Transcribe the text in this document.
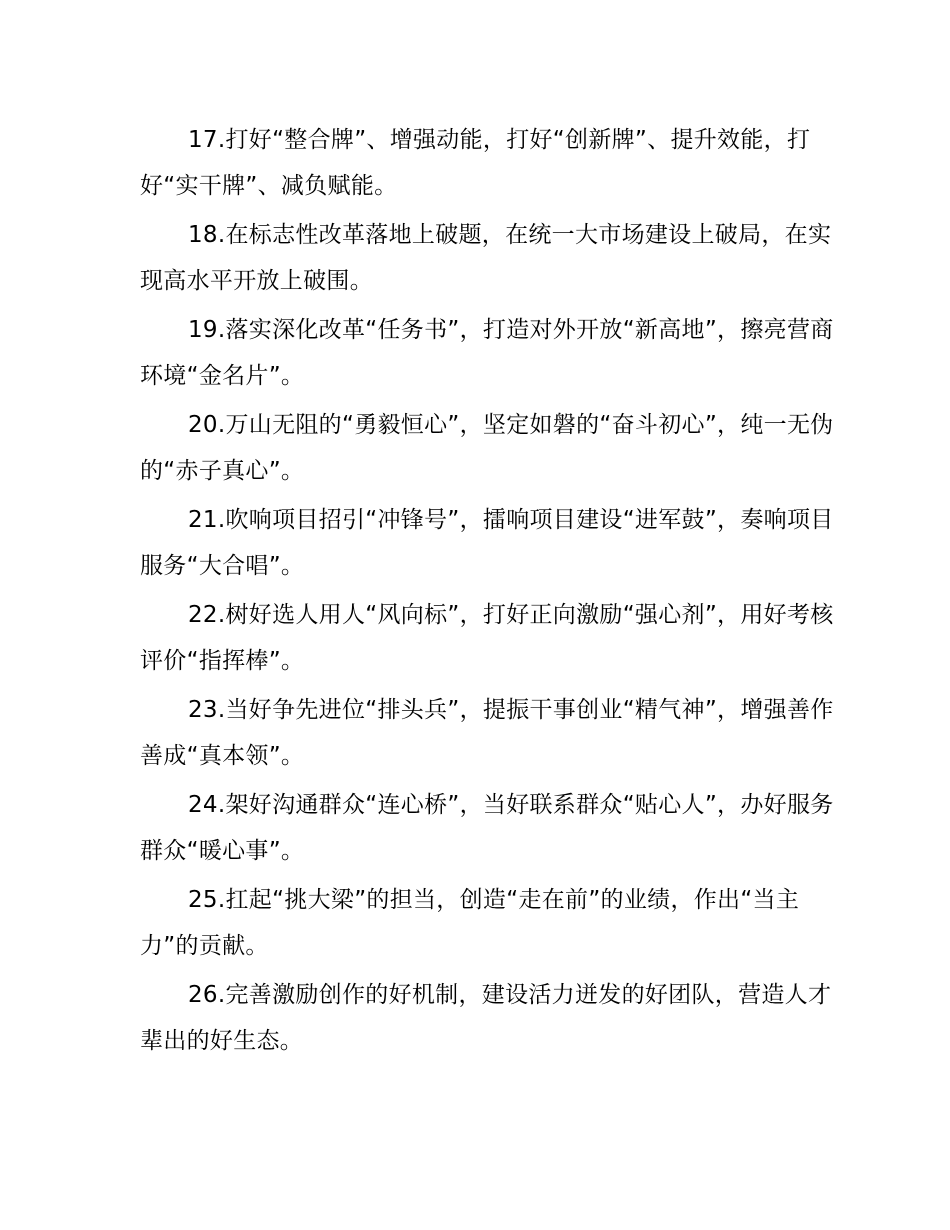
17.打好“整合牌”、增强动能，打好“创新牌”、提升效能，打好“实干牌”、减负赋能。

18.在标志性改革落地上破题，在统一大市场建设上破局，在实现高水平开放上破围。

19.落实深化改革“任务书”，打造对外开放“新高地”，擦亮营商环境“金名片”。

20.万山无阻的“勇毅恒心”，坚定如磐的“奋斗初心”，纯一无伪的“赤子真心”。

21.吹响项目招引“冲锋号”，擂响项目建设“进军鼓”，奏响项目服务“大合唱”。

22.树好选人用人“风向标”，打好正向激励“强心剂”，用好考核评价“指挥棒”。

23.当好争先进位“排头兵”，提振干事创业“精气神”，增强善作善成“真本领”。

24.架好沟通群众“连心桥”，当好联系群众“贴心人”，办好服务群众“暖心事”。

25.扛起“挑大梁”的担当，创造“走在前”的业绩，作出“当主力”的贡献。

26.完善激励创作的好机制，建设活力迸发的好团队，营造人才辈出的好生态。
